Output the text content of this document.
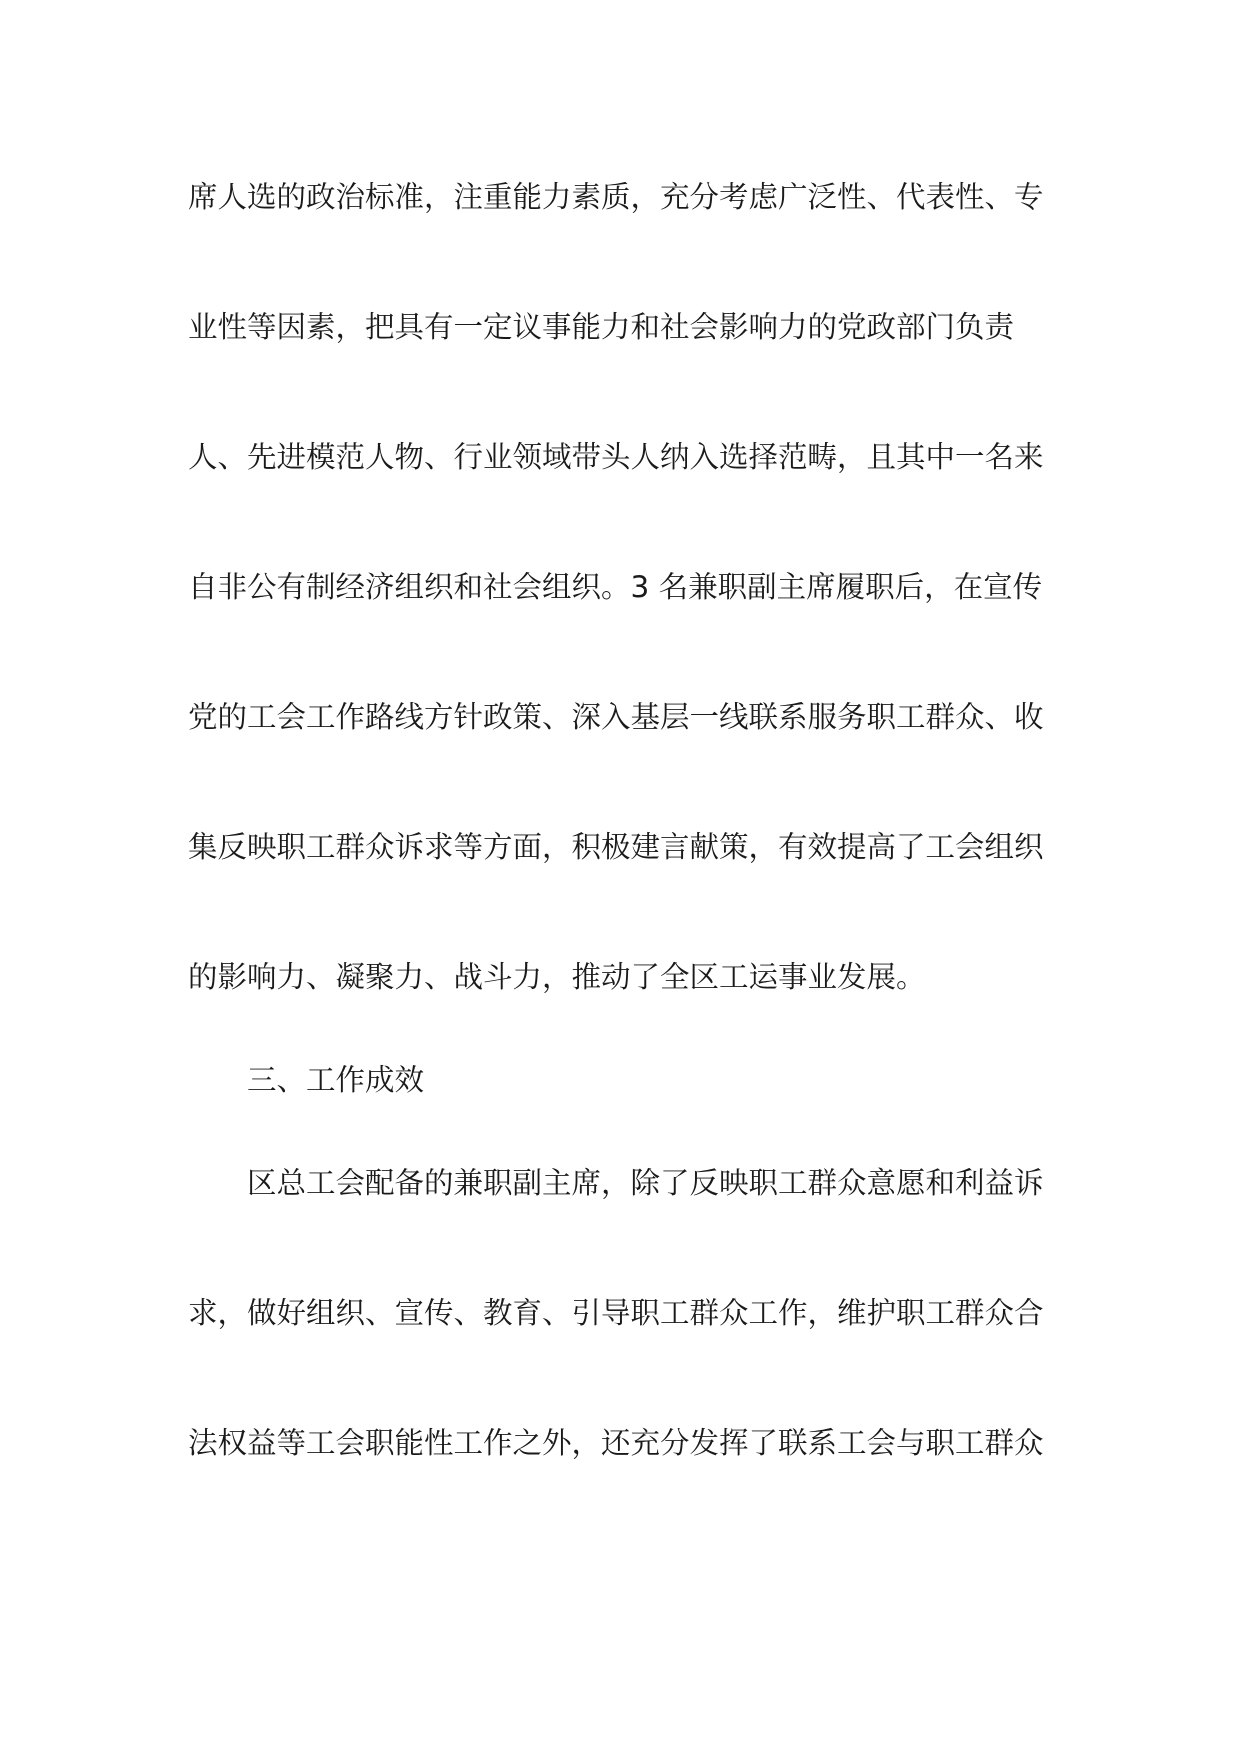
席人选的政治标准，注重能力素质，充分考虑广泛性、代表性、专

业性等因素，把具有一定议事能力和社会影响力的党政部门负责

人、先进模范人物、行业领域带头人纳入选择范畴，且其中一名来

自非公有制经济组织和社会组织。3 名兼职副主席履职后，在宣传

党的工会工作路线方针政策、深入基层一线联系服务职工群众、收

集反映职工群众诉求等方面，积极建言献策，有效提高了工会组织

的影响力、凝聚力、战斗力，推动了全区工运事业发展。

三、工作成效

区总工会配备的兼职副主席，除了反映职工群众意愿和利益诉

求，做好组织、宣传、教育、引导职工群众工作，维护职工群众合

法权益等工会职能性工作之外，还充分发挥了联系工会与职工群众
